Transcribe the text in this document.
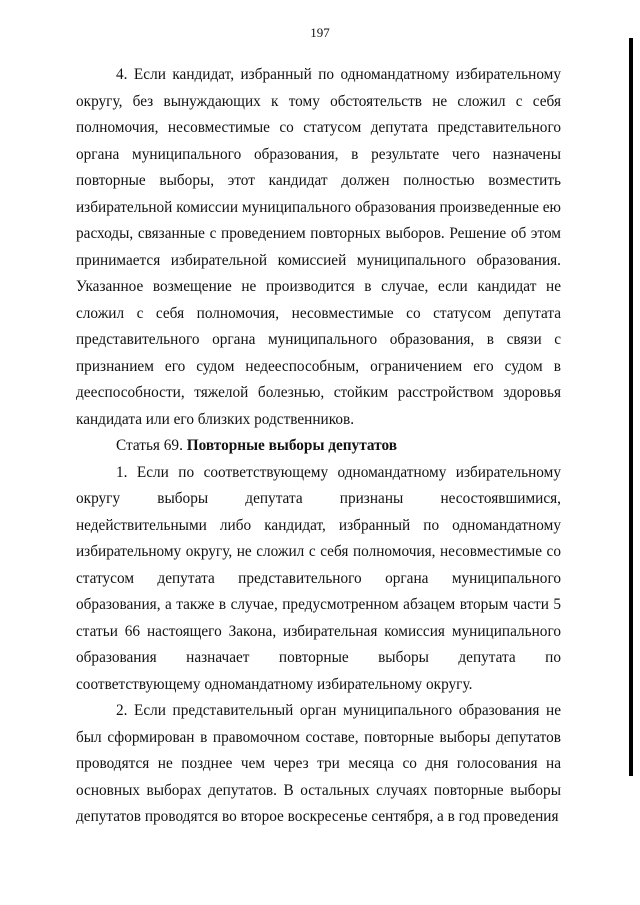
197

4. Если кандидат, избранный по одномандатному избирательному округу, без вынуждающих к тому обстоятельств не сложил с себя полномочия, несовместимые со статусом депутата представительного органа муниципального образования, в результате чего назначены повторные выборы, этот кандидат должен полностью возместить избирательной комиссии муниципального образования произведенные ею расходы, связанные с проведением повторных выборов. Решение об этом принимается избирательной комиссией муниципального образования. Указанное возмещение не производится в случае, если кандидат не сложил с себя полномочия, несовместимые со статусом депутата представительного органа муниципального образования, в связи с признанием его судом недееспособным, ограничением его судом в дееспособности, тяжелой болезнью, стойким расстройством здоровья кандидата или его близких родственников.

Статья 69. Повторные выборы депутатов

1. Если по соответствующему одномандатному избирательному округу выборы депутата признаны несостоявшимися, недействительными либо кандидат, избранный по одномандатному избирательному округу, не сложил с себя полномочия, несовместимые со статусом депутата представительного органа муниципального образования, а также в случае, предусмотренном абзацем вторым части 5 статьи 66 настоящего Закона, избирательная комиссия муниципального образования назначает повторные выборы депутата по соответствующему одномандатному избирательному округу.

2. Если представительный орган муниципального образования не был сформирован в правомочном составе, повторные выборы депутатов проводятся не позднее чем через три месяца со дня голосования на основных выборах депутатов. В остальных случаях повторные выборы депутатов проводятся во второе воскресенье сентября, а в год проведения
